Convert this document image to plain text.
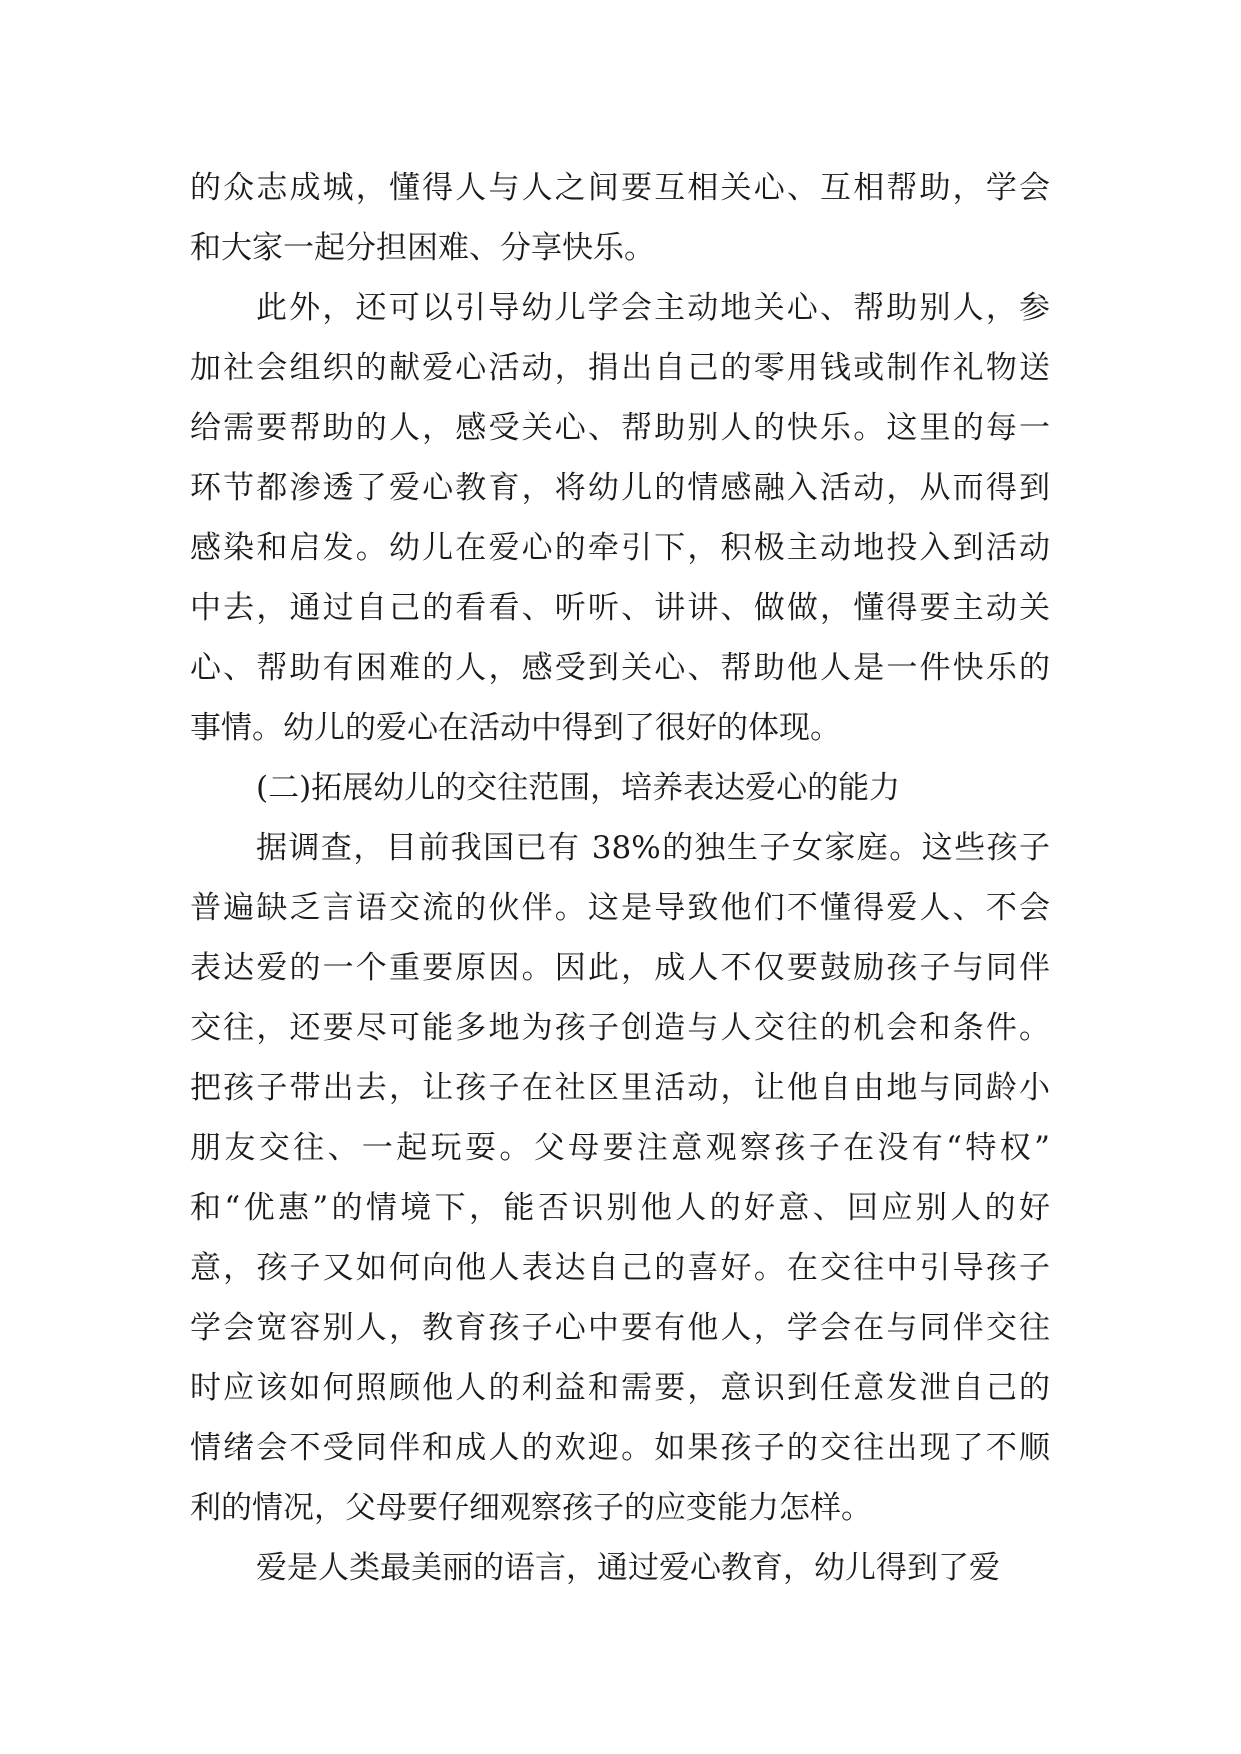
的众志成城，懂得人与人之间要互相关心、互相帮助，学会
和大家一起分担困难、分享快乐。
此外，还可以引导幼儿学会主动地关心、帮助别人，参
加社会组织的献爱心活动，捐出自己的零用钱或制作礼物送
给需要帮助的人，感受关心、帮助别人的快乐。这里的每一
环节都渗透了爱心教育，将幼儿的情感融入活动，从而得到
感染和启发。幼儿在爱心的牵引下，积极主动地投入到活动
中去，通过自己的看看、听听、讲讲、做做，懂得要主动关
心、帮助有困难的人，感受到关心、帮助他人是一件快乐的
事情。幼儿的爱心在活动中得到了很好的体现。
(二)拓展幼儿的交往范围，培养表达爱心的能力
据调查，目前我国已有 38%的独生子女家庭。这些孩子
普遍缺乏言语交流的伙伴。这是导致他们不懂得爱人、不会
表达爱的一个重要原因。因此，成人不仅要鼓励孩子与同伴
交往，还要尽可能多地为孩子创造与人交往的机会和条件。
把孩子带出去，让孩子在社区里活动，让他自由地与同龄小
朋友交往、一起玩耍。父母要注意观察孩子在没有“特权”
和“优惠”的情境下，能否识别他人的好意、回应别人的好
意，孩子又如何向他人表达自己的喜好。在交往中引导孩子
学会宽容别人，教育孩子心中要有他人，学会在与同伴交往
时应该如何照顾他人的利益和需要，意识到任意发泄自己的
情绪会不受同伴和成人的欢迎。如果孩子的交往出现了不顺
利的情况，父母要仔细观察孩子的应变能力怎样。
爱是人类最美丽的语言，通过爱心教育，幼儿得到了爱
